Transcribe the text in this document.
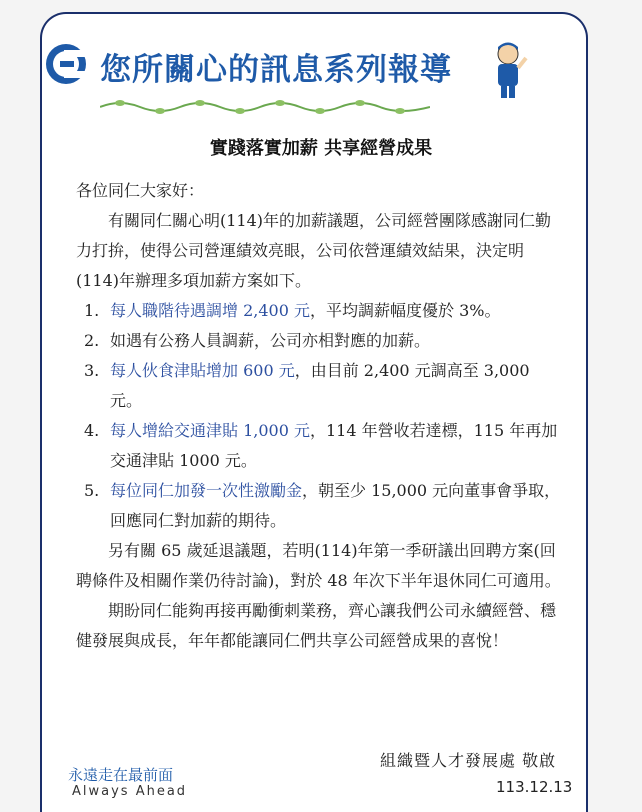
您所關心的訊息系列報導
實踐落實加薪 共享經營成果

各位同仁大家好：

有關同仁關心明(114)年的加薪議題，公司經營團隊感謝同仁勤力打拚，使得公司營運績效亮眼，公司依營運績效結果，決定明(114)年辦理多項加薪方案如下。

1. 每人職階待遇調增 2,400 元，平均調薪幅度優於 3%。
2. 如遇有公務人員調薪，公司亦相對應的加薪。
3. 每人伙食津貼增加 600 元，由目前 2,400 元調高至 3,000 元。
4. 每人增給交通津貼 1,000 元，114 年營收若達標，115 年再加交通津貼 1000 元。
5. 每位同仁加發一次性激勵金，朝至少 15,000 元向董事會爭取，回應同仁對加薪的期待。

另有關 65 歲延退議題，若明(114)年第一季研議出回聘方案(回聘條件及相關作業仍待討論)，對於 48 年次下半年退休同仁可適用。

期盼同仁能夠再接再勵衝刺業務，齊心讓我們公司永續經營、穩健發展與成長，年年都能讓同仁們共享公司經營成果的喜悅！

永遠走在最前面
Always Ahead
組織暨人才發展處 敬啟
113.12.13
